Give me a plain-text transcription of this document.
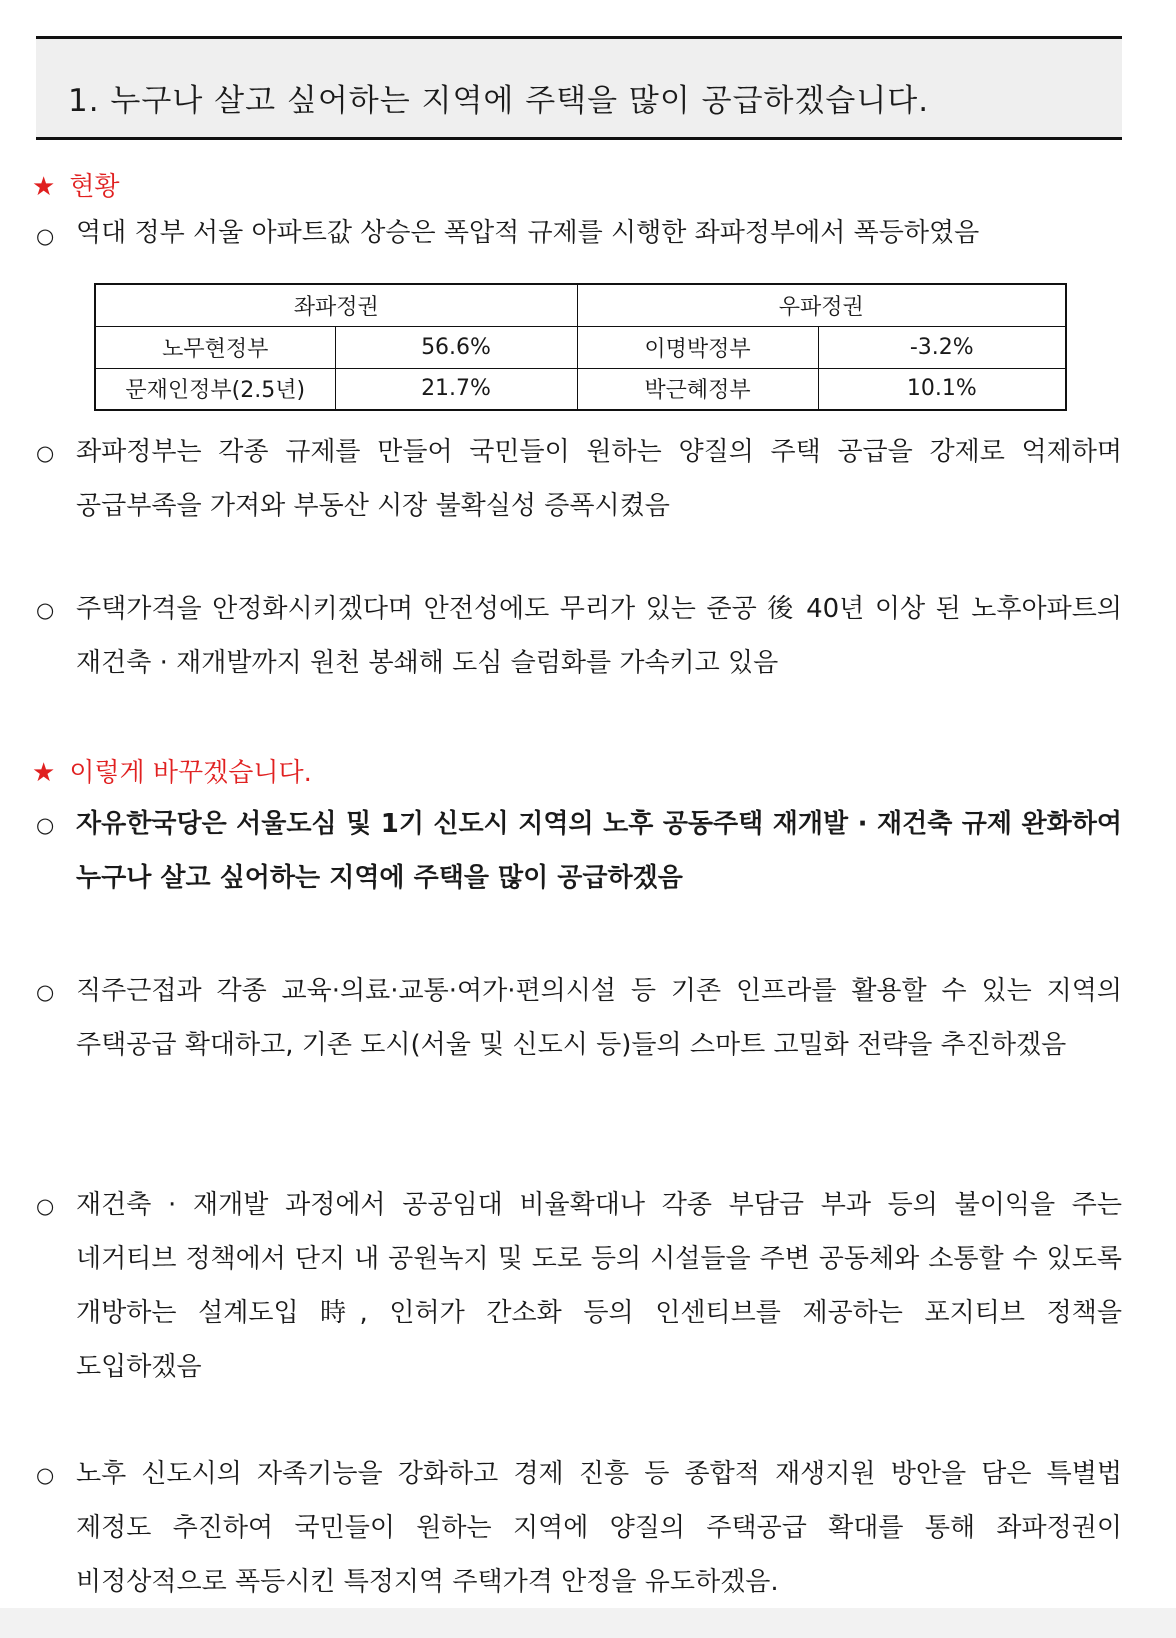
1. 누구나 살고 싶어하는 지역에 주택을 많이 공급하겠습니다.
★ 현황
○ 역대 정부 서울 아파트값 상승은 폭압적 규제를 시행한 좌파정부에서 폭등하였음
좌파정권		우파정권	
노무현정부	56.6%	이명박정부	-3.2%
문재인정부(2.5년)	21.7%	박근혜정부	10.1%
○ 좌파정부는 각종 규제를 만들어 국민들이 원하는 양질의 주택 공급을 강제로 억제하며 공급부족을 가져와 부동산 시장 불확실성 증폭시켰음
○ 주택가격을 안정화시키겠다며 안전성에도 무리가 있는 준공 後 40년 이상 된 노후아파트의 재건축 · 재개발까지 원천 봉쇄해 도심 슬럼화를 가속키고 있음
★ 이렇게 바꾸겠습니다.
○ 자유한국당은 서울도심 및 1기 신도시 지역의 노후 공동주택 재개발 · 재건축 규제 완화하여 누구나 살고 싶어하는 지역에 주택을 많이 공급하겠음
○ 직주근접과 각종 교육·의료·교통·여가·편의시설 등 기존 인프라를 활용할 수 있는 지역의 주택공급 확대하고, 기존 도시(서울 및 신도시 등)들의 스마트 고밀화 전략을 추진하겠음
○ 재건축 · 재개발 과정에서 공공임대 비율확대나 각종 부담금 부과 등의 불이익을 주는 네거티브 정책에서 단지 내 공원녹지 및 도로 등의 시설들을 주변 공동체와 소통할 수 있도록 개방하는 설계도입 時, 인허가 간소화 등의 인센티브를 제공하는 포지티브 정책을 도입하겠음
○ 노후 신도시의 자족기능을 강화하고 경제 진흥 등 종합적 재생지원 방안을 담은 특별법 제정도 추진하여 국민들이 원하는 지역에 양질의 주택공급 확대를 통해 좌파정권이 비정상적으로 폭등시킨 특정지역 주택가격 안정을 유도하겠음.
